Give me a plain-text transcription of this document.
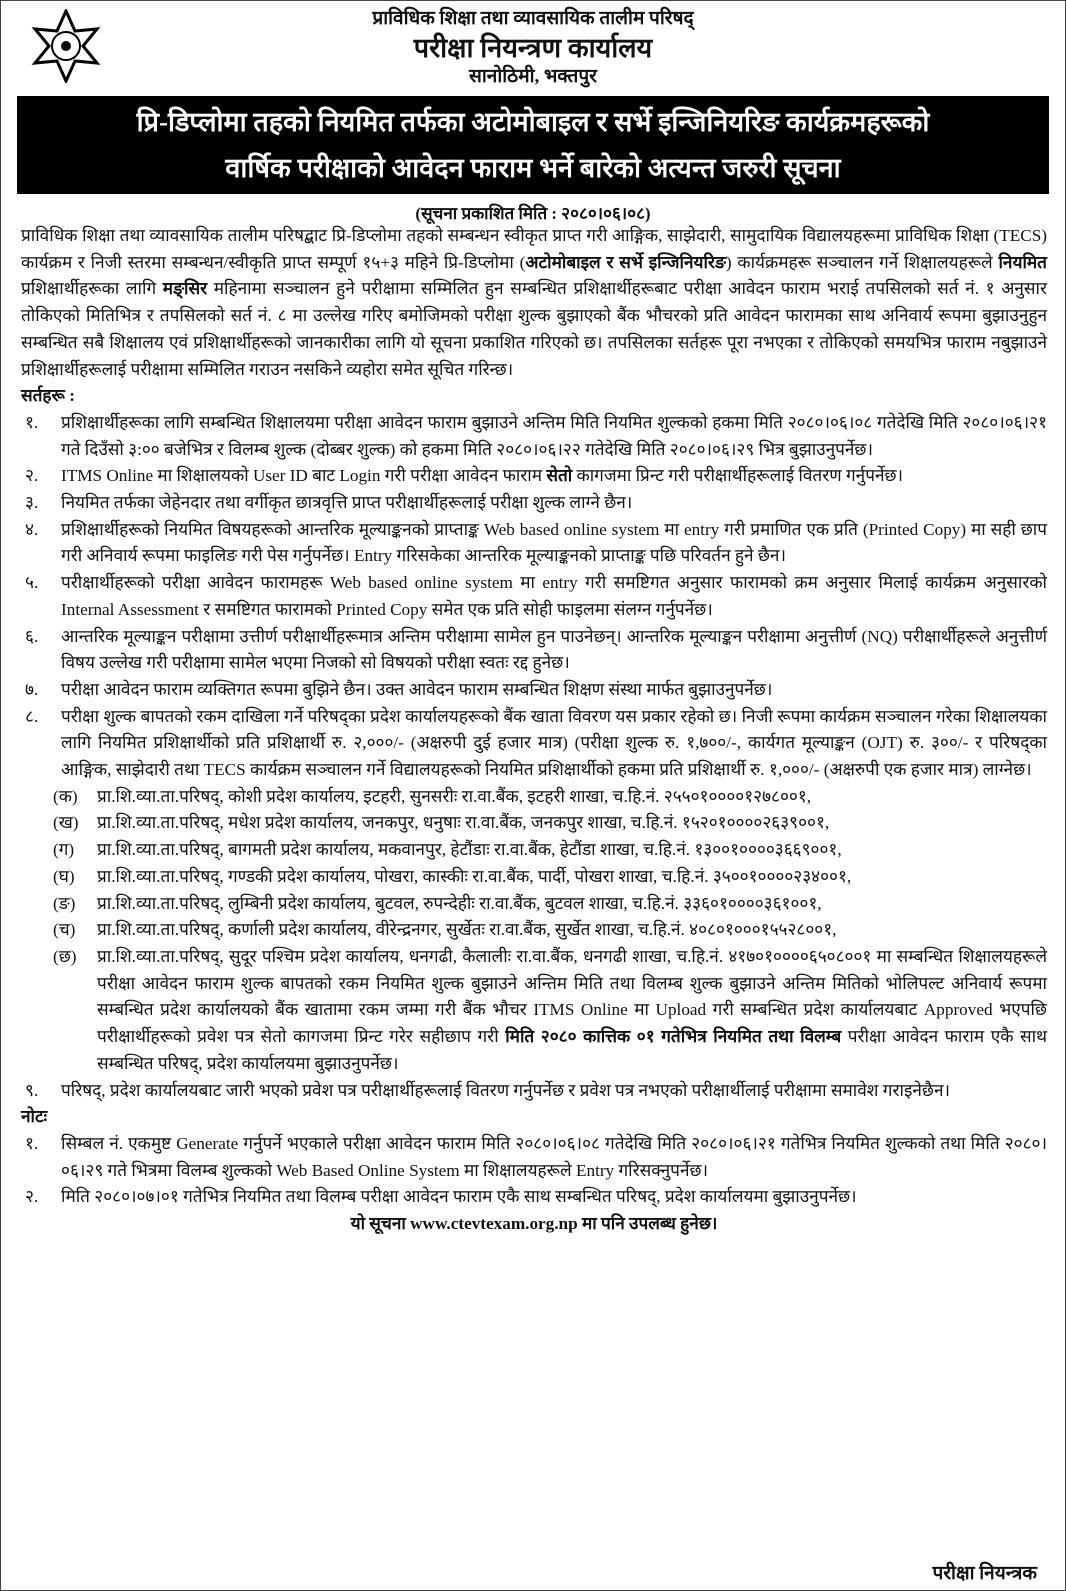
प्राविधिक शिक्षा तथा व्यावसायिक तालीम परिषद्
परीक्षा नियन्त्रण कार्यालय
सानोठिमी, भक्तपुर
प्रि-डिप्लोमा तहको नियमित तर्फका अटोमोबाइल र सर्भे इन्जिनियरिङ कार्यक्रमहरूको
वार्षिक परीक्षाको आवेदन फाराम भर्ने बारेको अत्यन्त जरुरी सूचना
(सूचना प्रकाशित मिति : २०८०।०६।०८)

प्राविधिक शिक्षा तथा व्यावसायिक तालीम परिषद्बाट प्रि-डिप्लोमा तहको सम्बन्धन स्वीकृत प्राप्त गरी आङ्गिक, साझेदारी, सामुदायिक विद्यालयहरूमा प्राविधिक शिक्षा (TECS) कार्यक्रम र निजी स्तरमा सम्बन्धन/स्वीकृति प्राप्त सम्पूर्ण १५+३ महिने प्रि-डिप्लोमा (अटोमोबाइल र सर्भे इन्जिनियरिङ) कार्यक्रमहरू सञ्चालन गर्ने शिक्षालयहरूले नियमित प्रशिक्षार्थीहरूका लागि मङ्सिर महिनामा सञ्चालन हुने परीक्षामा सम्मिलित हुन सम्बन्धित प्रशिक्षार्थीहरूबाट परीक्षा आवेदन फाराम भराई तपसिलको सर्त नं. १ अनुसार तोकिएको मितिभित्र र तपसिलको सर्त नं. ८ मा उल्लेख गरिए बमोजिमको परीक्षा शुल्क बुझाएको बैंक भौचरको प्रति आवेदन फारामका साथ अनिवार्य रूपमा बुझाउनुहुन सम्बन्धित सबै शिक्षालय एवं प्रशिक्षार्थीहरूको जानकारीका लागि यो सूचना प्रकाशित गरिएको छ। तपसिलका सर्तहरू पूरा नभएका र तोकिएको समयभित्र फाराम नबुझाउने प्रशिक्षार्थीहरूलाई परीक्षामा सम्मिलित गराउन नसकिने व्यहोरा समेत सूचित गरिन्छ।

सर्तहरू :

१.	प्रशिक्षार्थीहरूका लागि सम्बन्धित शिक्षालयमा परीक्षा आवेदन फाराम बुझाउने अन्तिम मिति नियमित शुल्कको हकमा मिति २०८०।०६।०८ गतेदेखि मिति २०८०।०६।२१ गते दिउँसो ३:०० बजेभित्र र विलम्ब शुल्क (दोब्बर शुल्क) को हकमा मिति २०८०।०६।२२ गतेदेखि मिति २०८०।०६।२९ भित्र बुझाउनुपर्नेछ।
२.	ITMS Online मा शिक्षालयको User ID बाट Login गरी परीक्षा आवेदन फाराम सेतो कागजमा प्रिन्ट गरी परीक्षार्थीहरूलाई वितरण गर्नुपर्नेछ।
३.	नियमित तर्फका जेहेनदार तथा वर्गीकृत छात्रवृत्ति प्राप्त परीक्षार्थीहरूलाई परीक्षा शुल्क लाग्ने छैन।
४.	प्रशिक्षार्थीहरूको नियमित विषयहरूको आन्तरिक मूल्याङ्कनको प्राप्ताङ्क Web based online system मा entry गरी प्रमाणित एक प्रति (Printed Copy) मा सही छाप गरी अनिवार्य रूपमा फाइलिङ गरी पेस गर्नुपर्नेछ। Entry गरिसकेका आन्तरिक मूल्याङ्कनको प्राप्ताङ्क पछि परिवर्तन हुने छैन।
५.	परीक्षार्थीहरूको परीक्षा आवेदन फारामहरू Web based online system मा entry गरी समष्टिगत अनुसार फारामको क्रम अनुसार मिलाई कार्यक्रम अनुसारको Internal Assessment र समष्टिगत फारामको Printed Copy समेत एक प्रति सोही फाइलमा संलग्न गर्नुपर्नेछ।
६.	आन्तरिक मूल्याङ्कन परीक्षामा उत्तीर्ण परीक्षार्थीहरूमात्र अन्तिम परीक्षामा सामेल हुन पाउनेछन्। आन्तरिक मूल्याङ्कन परीक्षामा अनुत्तीर्ण (NQ) परीक्षार्थीहरूले अनुत्तीर्ण विषय उल्लेख गरी परीक्षामा सामेल भएमा निजको सो विषयको परीक्षा स्वतः रद्द हुनेछ।
७.	परीक्षा आवेदन फाराम व्यक्तिगत रूपमा बुझिने छैन। उक्त आवेदन फाराम सम्बन्धित शिक्षण संस्था मार्फत बुझाउनुपर्नेछ।
८.	परीक्षा शुल्क बापतको रकम दाखिला गर्ने परिषद्का प्रदेश कार्यालयहरूको बैंक खाता विवरण यस प्रकार रहेको छ। निजी रूपमा कार्यक्रम सञ्चालन गरेका शिक्षालयका लागि नियमित प्रशिक्षार्थीको प्रति प्रशिक्षार्थी रु. २,०००/- (अक्षरुपी दुई हजार मात्र) (परीक्षा शुल्क रु. १,७००/-, कार्यगत मूल्याङ्कन (OJT) रु. ३००/- र परिषद्का आङ्गिक, साझेदारी तथा TECS कार्यक्रम सञ्चालन गर्ने विद्यालयहरूको नियमित प्रशिक्षार्थीको हकमा प्रति प्रशिक्षार्थी रु. १,०००/- (अक्षरुपी एक हजार मात्र) लाग्नेछ।
(क)	प्रा.शि.व्या.ता.परिषद्, कोशी प्रदेश कार्यालय, इटहरी, सुनसरीः रा.वा.बैंक, इटहरी शाखा, च.हि.नं. २५५०१००००१२७८००१,
(ख)	प्रा.शि.व्या.ता.परिषद्, मधेश प्रदेश कार्यालय, जनकपुर, धनुषाः रा.वा.बैंक, जनकपुर शाखा, च.हि.नं. १५२०१००००२६३९००१,
(ग)	प्रा.शि.व्या.ता.परिषद्, बागमती प्रदेश कार्यालय, मकवानपुर, हेटौंडाः रा.वा.बैंक, हेटौंडा शाखा, च.हि.नं. १३००१००००३६६९००१,
(घ)	प्रा.शि.व्या.ता.परिषद्, गण्डकी प्रदेश कार्यालय, पोखरा, कास्कीः रा.वा.बैंक, पार्दी, पोखरा शाखा, च.हि.नं. ३५००१००००२३४००१,
(ङ)	प्रा.शि.व्या.ता.परिषद्, लुम्बिनी प्रदेश कार्यालय, बुटवल, रुपन्देहीः रा.वा.बैंक, बुटवल शाखा, च.हि.नं. ३३६०१००००३६१००१,
(च)	प्रा.शि.व्या.ता.परिषद्, कर्णाली प्रदेश कार्यालय, वीरेन्द्रनगर, सुर्खेतः रा.वा.बैंक, सुर्खेत शाखा, च.हि.नं. ४०८०१०००१५५२८००१,
(छ)	प्रा.शि.व्या.ता.परिषद्, सुदूर पश्चिम प्रदेश कार्यालय, धनगढी, कैलालीः रा.वा.बैंक, धनगढी शाखा, च.हि.नं. ४१७०१००००६५०८००१ मा सम्बन्धित शिक्षालयहरूले परीक्षा आवेदन फाराम शुल्क बापतको रकम नियमित शुल्क बुझाउने अन्तिम मिति तथा विलम्ब शुल्क बुझाउने अन्तिम मितिको भोलिपल्ट अनिवार्य रूपमा सम्बन्धित प्रदेश कार्यालयको बैंक खातामा रकम जम्मा गरी बैंक भौचर ITMS Online मा Upload गरी सम्बन्धित प्रदेश कार्यालयबाट Approved भएपछि परीक्षार्थीहरूको प्रवेश पत्र सेतो कागजमा प्रिन्ट गरेर सहीछाप गरी मिति २०८० कात्तिक ०१ गतेभित्र नियमित तथा विलम्ब परीक्षा आवेदन फाराम एकै साथ सम्बन्धित परिषद्, प्रदेश कार्यालयमा बुझाउनुपर्नेछ।
९.	परिषद्, प्रदेश कार्यालयबाट जारी भएको प्रवेश पत्र परीक्षार्थीहरूलाई वितरण गर्नुपर्नेछ र प्रवेश पत्र नभएको परीक्षार्थीलाई परीक्षामा समावेश गराइनेछैन।

नोटः

१.	सिम्बल नं. एकमुष्ट Generate गर्नुपर्ने भएकाले परीक्षा आवेदन फाराम मिति २०८०।०६।०८ गतेदेखि मिति २०८०।०६।२१ गतेभित्र नियमित शुल्कको तथा मिति २०८०।०६।२९ गते भित्रमा विलम्ब शुल्कको Web Based Online System मा शिक्षालयहरूले Entry गरिसक्नुपर्नेछ।
२.	मिति २०८०।०७।०१ गतेभित्र नियमित तथा विलम्ब परीक्षा आवेदन फाराम एकै साथ सम्बन्धित परिषद्, प्रदेश कार्यालयमा बुझाउनुपर्नेछ।

यो सूचना www.ctevtexam.org.np मा पनि उपलब्ध हुनेछ।

परीक्षा नियन्त्रक
